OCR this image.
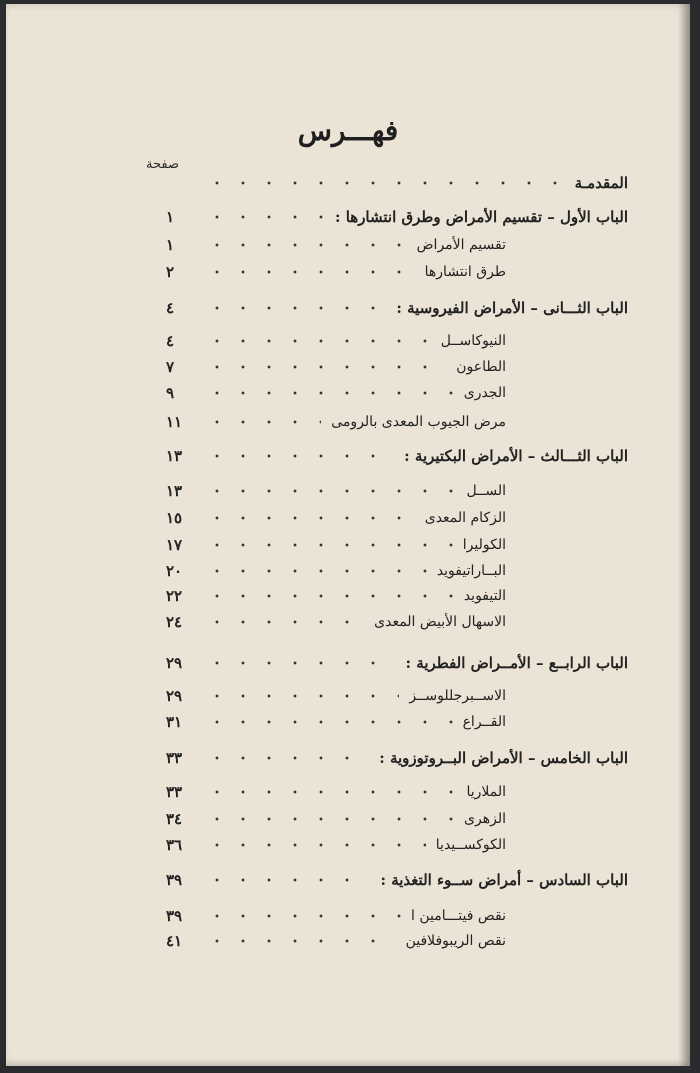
فهـــرس
صفحة
المقدمـة
الباب الأول – تقسيم الأمراض وطرق انتشارها :
١
تقسيم الأمراض
١
طرق انتشارها
٢
الباب الثـــانى – الأمراض الفيروسية :
٤
النيوكاســل
٤
الطاعون
٧
الجدرى
٩
مرض الجيوب المعدى بالرومى
١١
الباب الثـــالث – الأمراض البكتيرية :
١٣
الســل
١٣
الزكام المعدى
١٥
الكوليرا
١٧
البــاراتيفويد
٢٠
التيفويد
٢٢
الاسهال الأبيض المعدى
٢٤
الباب الرابــع – الأمــراض الفطرية :
٢٩
الاســبرجللوســز
٢٩
القــراع
٣١
الباب الخامس – الأمراض البــروتوزوية :
٣٣
الملاريا
٣٣
الزهرى
٣٤
الكوكســيديا
٣٦
الباب السادس – أمراض ســوء التغذية :
٣٩
نقص فيتـــامين ا
٣٩
نقص الريبوفلافين
٤١
